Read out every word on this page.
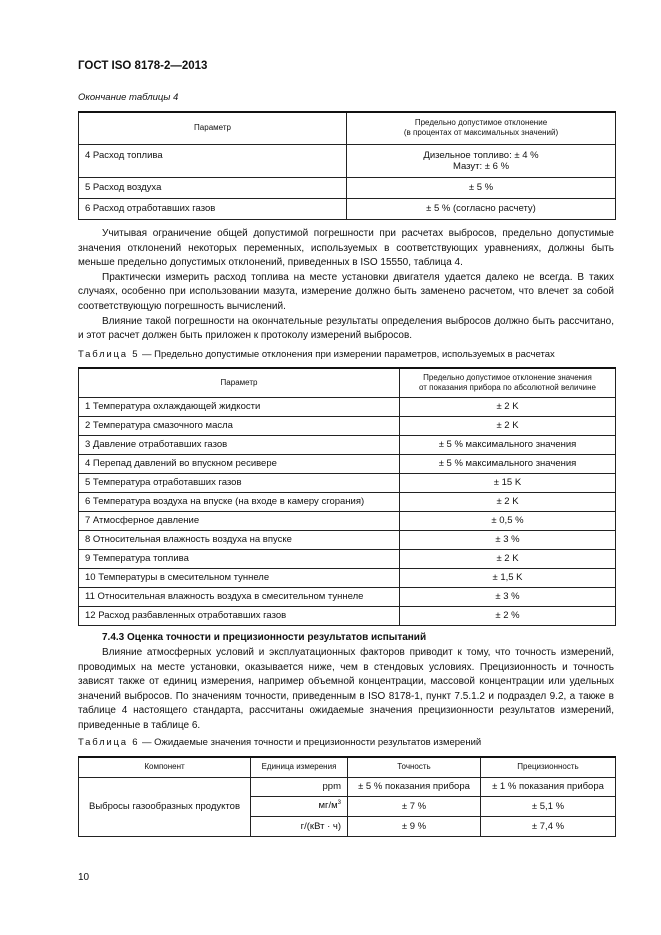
ГОСТ ISO 8178-2—2013
Окончание таблицы 4
Параметр	Предельно допустимое отклонение
(в процентах от максимальных значений)

4 Расход топлива	Дизельное топливо: ± 4 %
Мазут: ± 6 %

5 Расход воздуха	± 5 %
6 Расход отработавших газов	± 5 % (согласно расчету)

Учитывая ограничение общей допустимой погрешности при расчетах выбросов, предельно допустимые значения отклонений некоторых переменных, используемых в соответствующих уравнениях, должны быть меньше предельно допустимых отклонений, приведенных в ISO 15550, таблица 4.

Практически измерить расход топлива на месте установки двигателя удается далеко не всегда. В таких случаях, особенно при использовании мазута, измерение должно быть заменено расчетом, что влечет за собой соответствующую погрешность вычислений.

Влияние такой погрешности на окончательные результаты определения выбросов должно быть рассчитано, и этот расчет должен быть приложен к протоколу измерений выбросов.

Таблица 5 — Предельно допустимые отклонения при измерении параметров, используемых в расчетах
Параметр	Предельно допустимое отклонение значения
от показания прибора по абсолютной величине

1 Температура охлаждающей жидкости	± 2 K
2 Температура смазочного масла	± 2 K
3 Давление отработавших газов	± 5 % максимального значения
4 Перепад давлений во впускном ресивере	± 5 % максимального значения
5 Температура отработавших газов	± 15 K
6 Температура воздуха на впуске (на входе в камеру сгорания)	± 2 K
7 Атмосферное давление	± 0,5 %
8 Относительная влажность воздуха на впуске	± 3 %
9 Температура топлива	± 2 K
10 Температуры в смесительном туннеле	± 1,5 K
11 Относительная влажность воздуха в смесительном туннеле	± 3 %
12 Расход разбавленных отработавших газов	± 2 %
7.4.3 Оценка точности и прецизионности результатов испытаний

Влияние атмосферных условий и эксплуатационных факторов приводит к тому, что точность измерений, проводимых на месте установки, оказывается ниже, чем в стендовых условиях. Прецизионность и точность зависят также от единиц измерения, например объемной концентрации, массовой концентрации или удельных значений выбросов. По значениям точности, приведенным в ISO 8178-1, пункт 7.5.1.2 и подраздел 9.2, а также в таблице 4 настоящего стандарта, рассчитаны ожидаемые значения прецизионности результатов измерений, приведенные в таблице 6.

Таблица 6 — Ожидаемые значения точности и прецизионности результатов измерений
Компонент	Единица измерения	Точность	Прецизионность
Выбросы газообразных продуктов	ppm	± 5 % показания прибора	± 1 % показания прибора
	$мг/м^3$	± 7 %	± 5,1 %
	г/(кВт · ч)	± 9 %	± 7,4 %
10
